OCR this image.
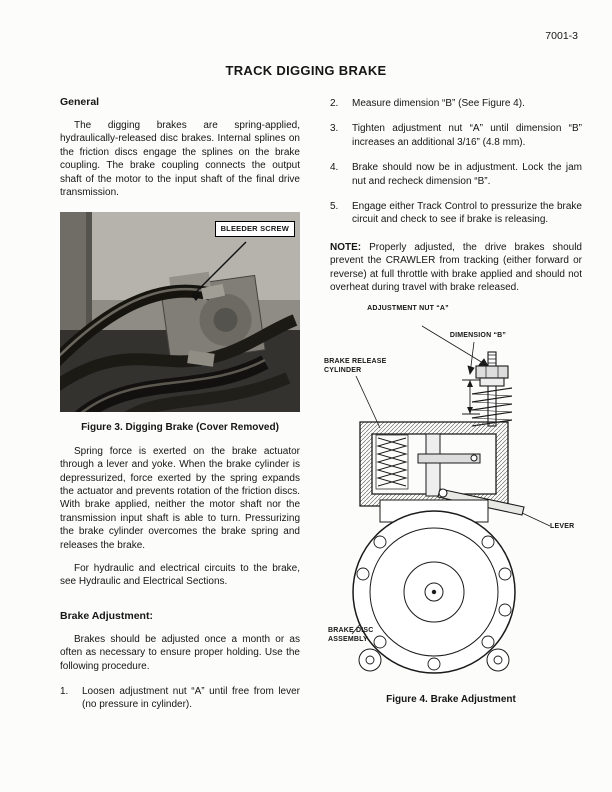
7001-3
TRACK DIGGING BRAKE
General

The digging brakes are spring-applied, hydraulically-released disc brakes. Internal splines on the friction discs engage the splines on the brake coupling. The brake coupling connects the output shaft of the motor to the input shaft of the final drive transmission.

BLEEDER SCREW
Figure 3. Digging Brake (Cover Removed)

Spring force is exerted on the brake actuator through a lever and yoke. When the brake cylinder is depressurized, force exerted by the spring expands the actuator and prevents rotation of the friction discs. With brake applied, neither the motor shaft nor the transmission input shaft is able to turn. Pressurizing the brake cylinder overcomes the brake spring and releases the brake.

For hydraulic and electrical circuits to the brake, see Hydraulic and Electrical Sections.

Brake Adjustment:

Brakes should be adjusted once a month or as often as necessary to ensure proper holding. Use the following procedure.

1.	Loosen adjustment nut “A” until free from lever (no pressure in cylinder).
2.	Measure dimension “B” (See Figure 4).
3.	Tighten adjustment nut “A” until dimension “B” increases an additional 3/16” (4.8 mm).
4.	Brake should now be in adjustment. Lock the jam nut and recheck dimension “B”.
5.	Engage either Track Control to pressurize the brake circuit and check to see if brake is releasing.

NOTE: Properly adjusted, the drive brakes should prevent the CRAWLER from tracking (either forward or reverse) at full throttle with brake applied and should not overheat during travel with brake released.

ADJUSTMENT NUT “A”
DIMENSION “B”
BRAKE RELEASE CYLINDER
LEVER
BRAKE DISC ASSEMBLY
Figure 4. Brake Adjustment
